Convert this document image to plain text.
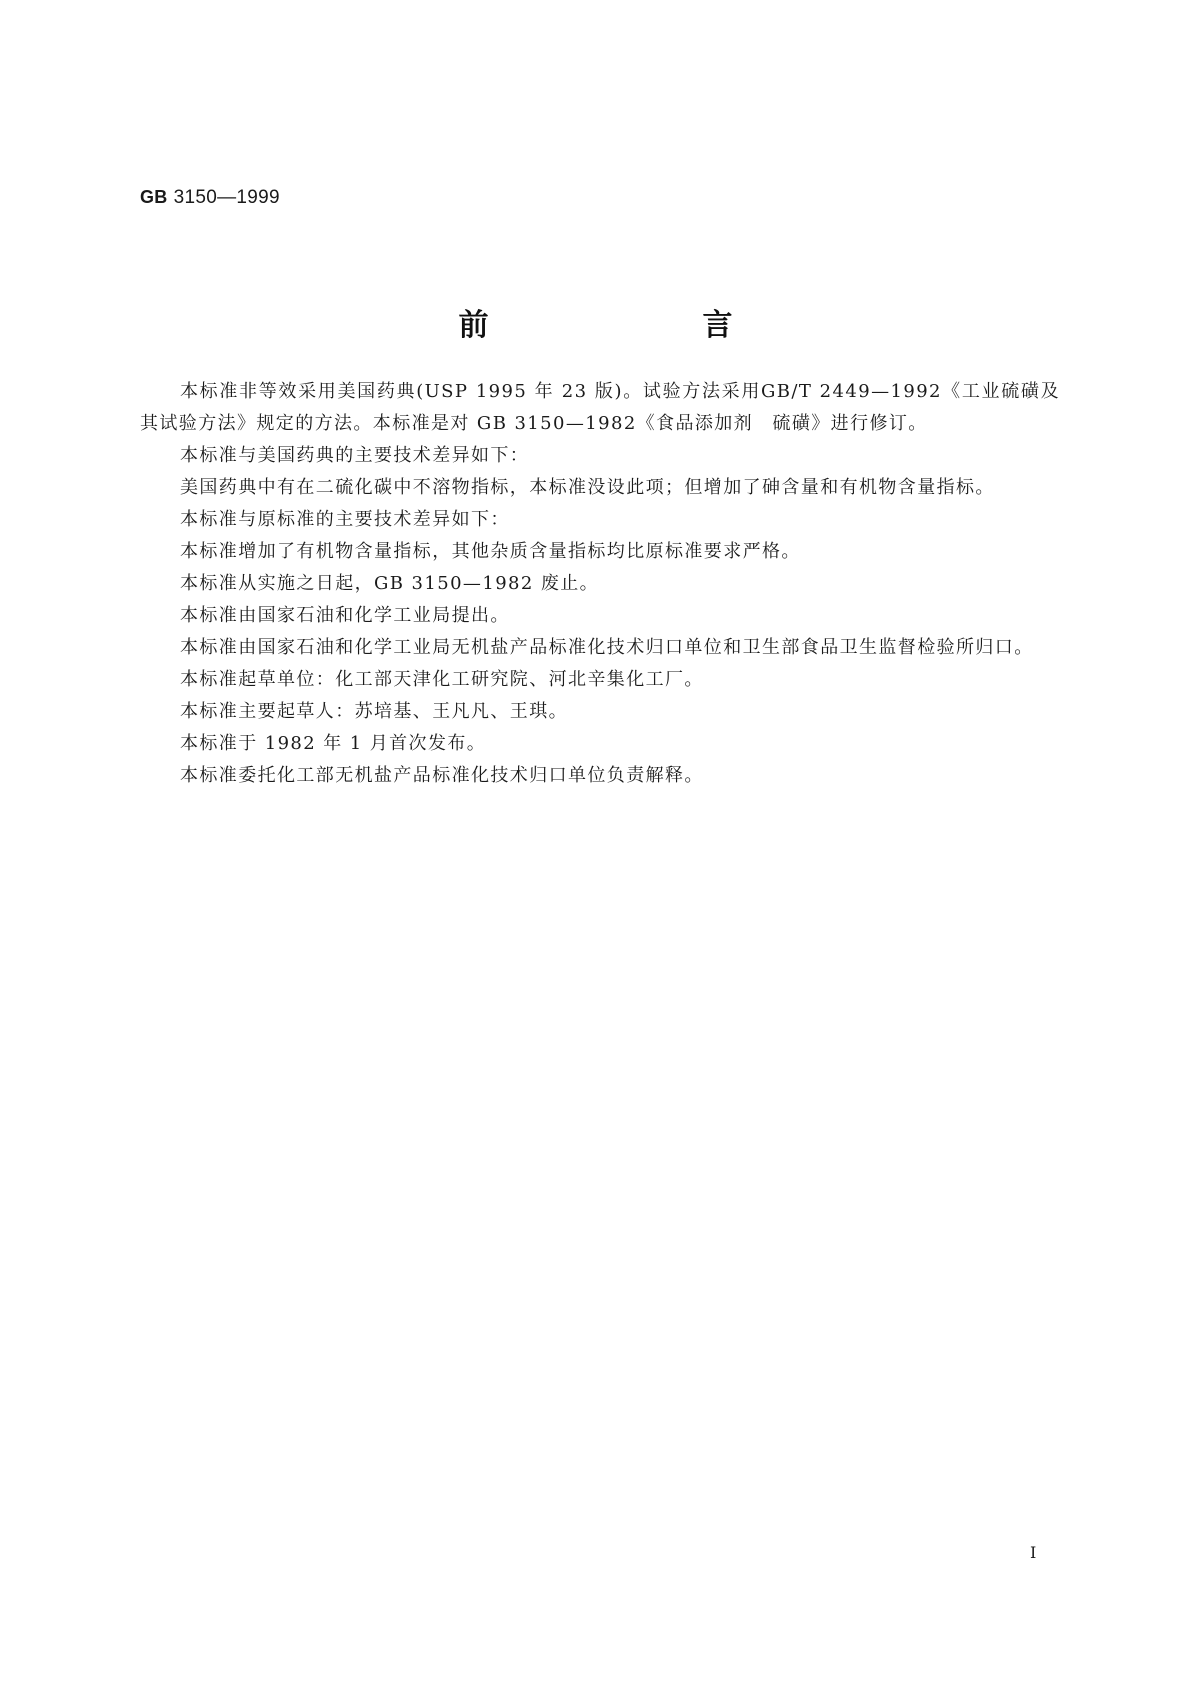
GB 3150—1999
前　言

本标准非等效采用美国药典(USP 1995 年 23 版)。试验方法采用GB/T 2449—1992《工业硫磺及其试验方法》规定的方法。本标准是对 GB 3150—1982《食品添加剂　硫磺》进行修订。

本标准与美国药典的主要技术差异如下：

美国药典中有在二硫化碳中不溶物指标，本标准没设此项；但增加了砷含量和有机物含量指标。

本标准与原标准的主要技术差异如下：

本标准增加了有机物含量指标，其他杂质含量指标均比原标准要求严格。

本标准从实施之日起，GB 3150—1982 废止。

本标准由国家石油和化学工业局提出。

本标准由国家石油和化学工业局无机盐产品标准化技术归口单位和卫生部食品卫生监督检验所归口。

本标准起草单位：化工部天津化工研究院、河北辛集化工厂。

本标准主要起草人：苏培基、王凡凡、王琪。

本标准于 1982 年 1 月首次发布。

本标准委托化工部无机盐产品标准化技术归口单位负责解释。

I
